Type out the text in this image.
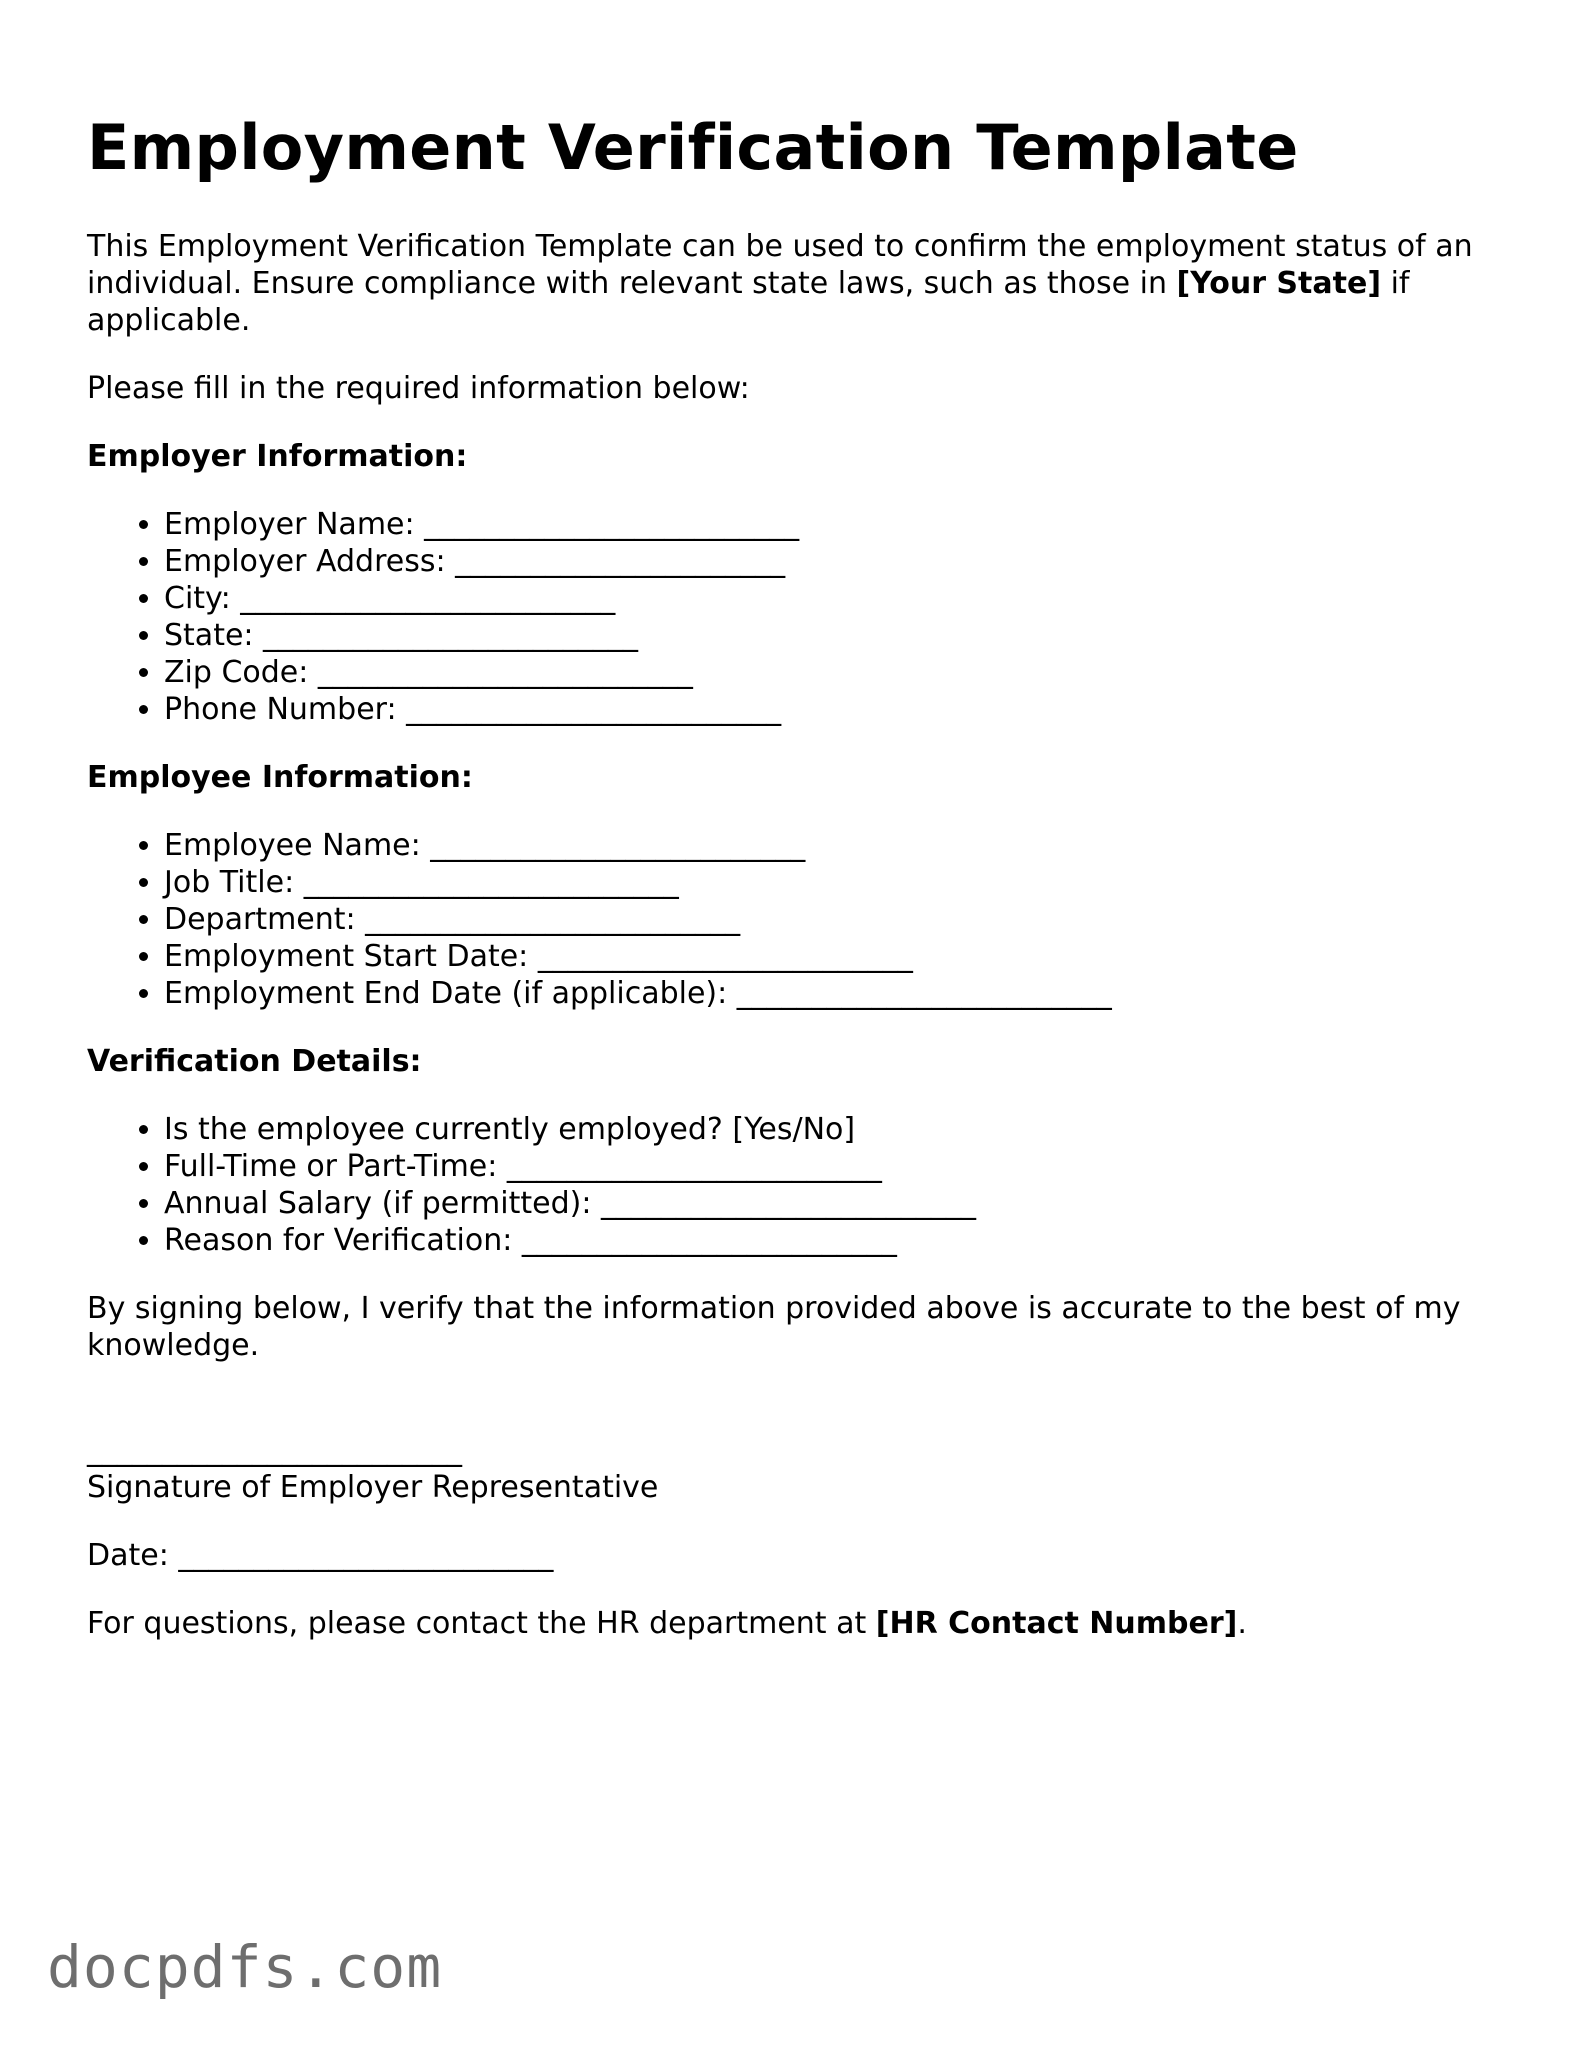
Employment Verification Template

This Employment Verification Template can be used to confirm the employment status of an individual. Ensure compliance with relevant state laws, such as those in [Your State] if applicable.

Please fill in the required information below:

Employer Information:

• Employer Name: _________________________
• Employer Address: ______________________
• City: _________________________
• State: _________________________
• Zip Code: _________________________
• Phone Number: _________________________

Employee Information:

• Employee Name: _________________________
• Job Title: _________________________
• Department: _________________________
• Employment Start Date: _________________________
• Employment End Date (if applicable): _________________________

Verification Details:

• Is the employee currently employed? [Yes/No]
• Full-Time or Part-Time: _________________________
• Annual Salary (if permitted): _________________________
• Reason for Verification: _________________________

By signing below, I verify that the information provided above is accurate to the best of my knowledge.

_________________________

Signature of Employer Representative

Date: _________________________

For questions, please contact the HR department at [HR Contact Number].

docpdfs.com
